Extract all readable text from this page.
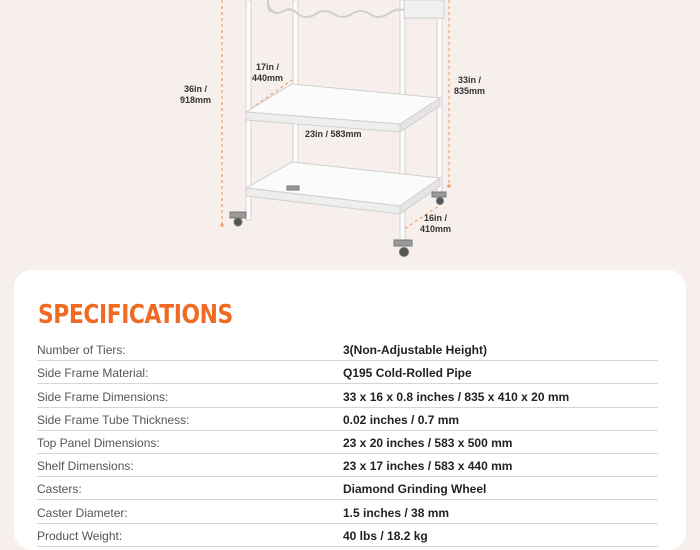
36in /
918mm
17in /
440mm	33in /
835mm
23in / 583mm
16in /
410mm
SPECIFICATIONS
Number of Tiers:	3(Non-Adjustable Height)
Side Frame Material:	Q195 Cold-Rolled Pipe
Side Frame Dimensions:	33 x 16 x 0.8 inches / 835 x 410 x 20 mm
Side Frame Tube Thickness:	0.02 inches / 0.7 mm
Top Panel Dimensions:	23 x 20 inches / 583 x 500 mm
Shelf Dimensions:	23 x 17 inches / 583 x 440 mm
Casters:	Diamond Grinding Wheel
Caster Diameter:	1.5 inches / 38 mm
Product Weight:	40 lbs / 18.2 kg
